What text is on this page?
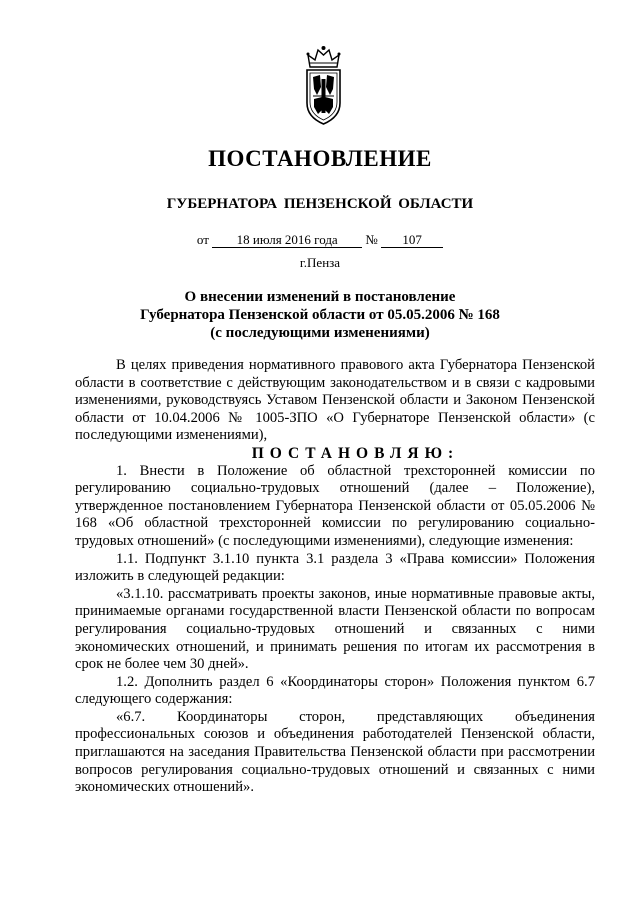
ПОСТАНОВЛЕНИЕ
ГУБЕРНАТОРА ПЕНЗЕНСКОЙ ОБЛАСТИ
от 18 июля 2016 года № 107
г.Пенза
О внесении изменений в постановление
Губернатора Пензенской области от 05.05.2006 № 168
(с последующими изменениями)

В целях приведения нормативного правового акта Губернатора Пензенской области в соответствие с действующим законодательством и в связи с кадровыми изменениями, руководствуясь Уставом Пензенской области и Законом Пензенской области от 10.04.2006 № 1005-ЗПО «О Губернаторе Пензенской области» (с последующими изменениями),

ПОСТАНОВЛЯЮ:

1. Внести в Положение об областной трехсторонней комиссии по регулированию социально-трудовых отношений (далее – Положение), утвержденное постановлением Губернатора Пензенской области от 05.05.2006 № 168 «Об областной трехсторонней комиссии по регулированию социально-трудовых отношений» (с последующими изменениями), следующие изменения:

1.1. Подпункт 3.1.10 пункта 3.1 раздела 3 «Права комиссии» Положения изложить в следующей редакции:

«3.1.10. рассматривать проекты законов, иные нормативные правовые акты, принимаемые органами государственной власти Пензенской области по вопросам регулирования социально-трудовых отношений и связанных с ними экономических отношений, и принимать решения по итогам их рассмотрения в срок не более чем 30 дней».

1.2. Дополнить раздел 6 «Координаторы сторон» Положения пунктом 6.7 следующего содержания:

«6.7. Координаторы сторон, представляющих объединения профессиональных союзов и объединения работодателей Пензенской области, приглашаются на заседания Правительства Пензенской области при рассмотрении вопросов регулирования социально-трудовых отношений и связанных с ними экономических отношений».
